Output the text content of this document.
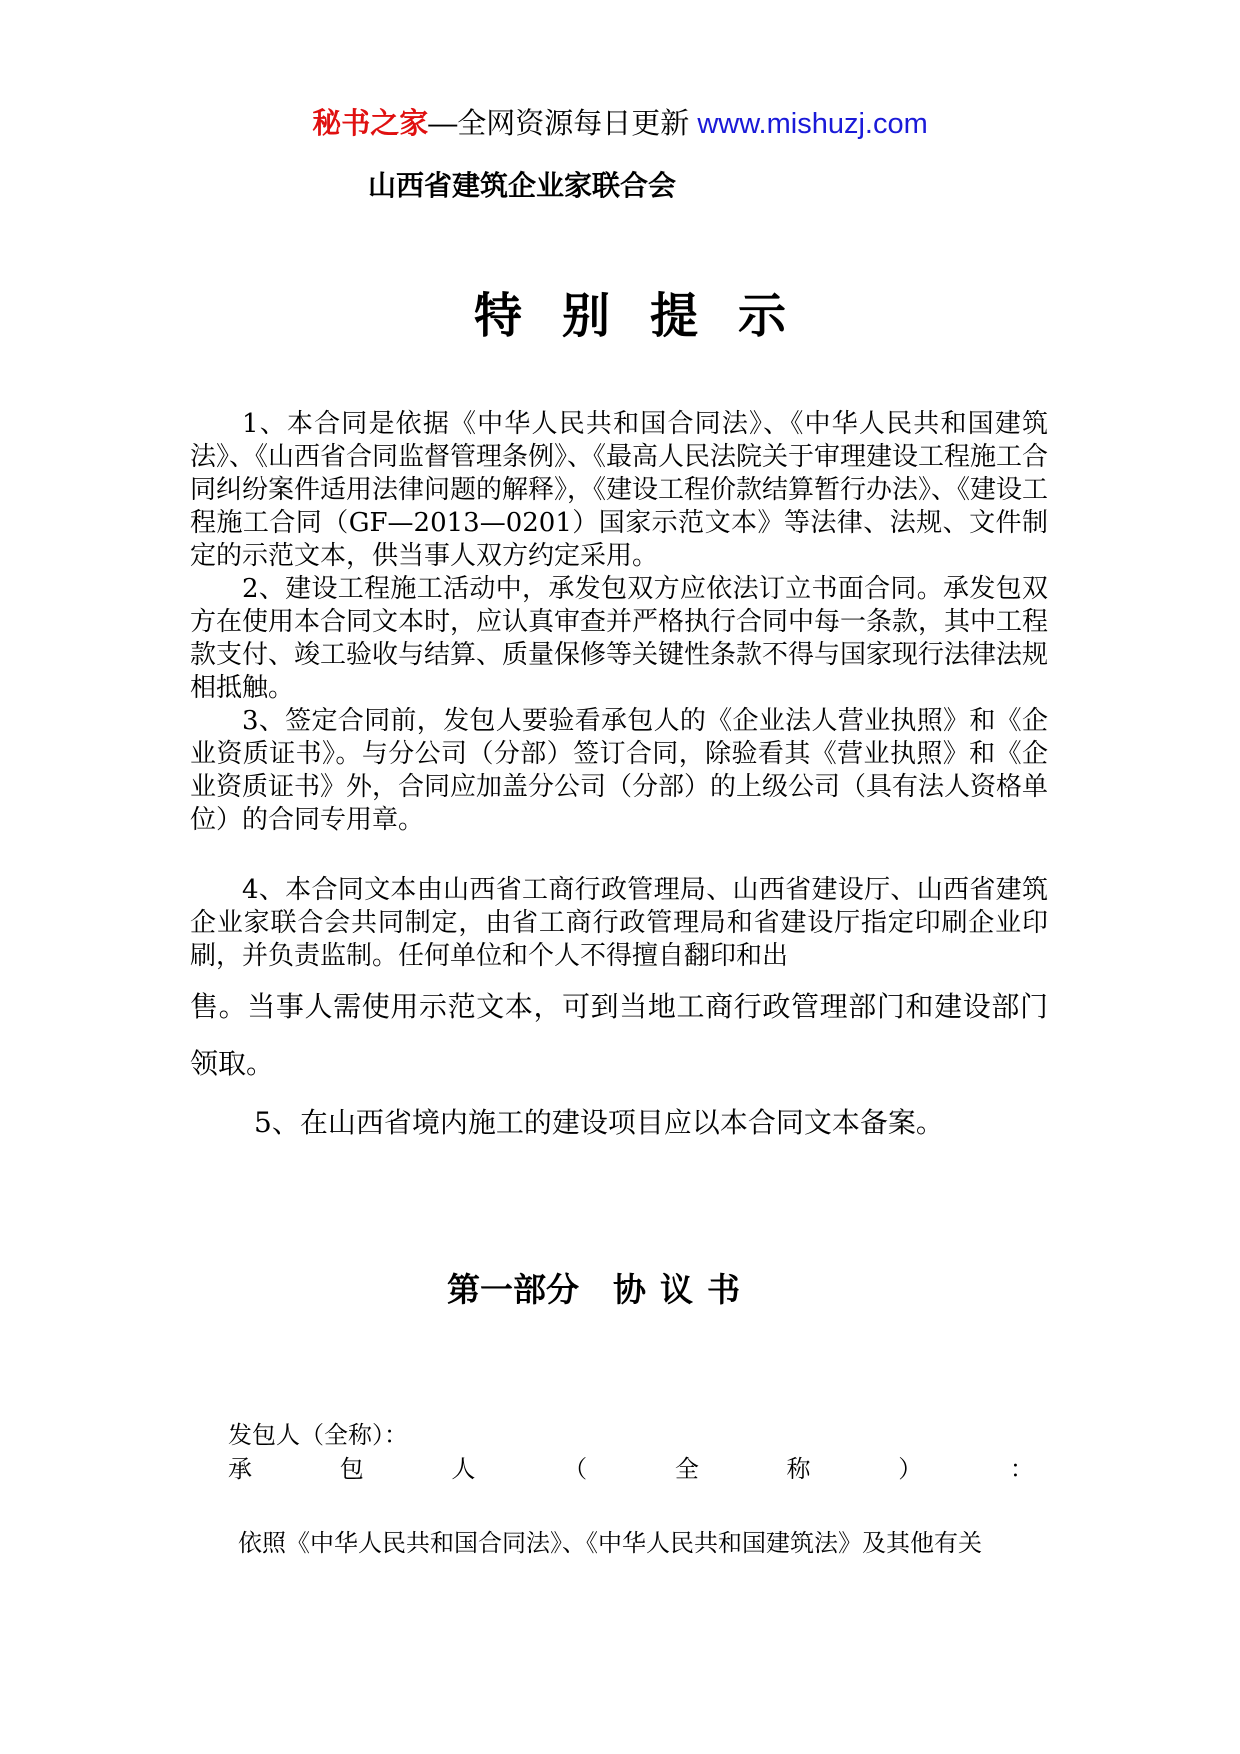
秘书之家—全网资源每日更新 www.mishuzj.com
山西省建筑企业家联合会
特别提示

1、本合同是依据《中华人民共和国合同法》、《中华人民共和国建筑法》、《山西省合同监督管理条例》、《最高人民法院关于审理建设工程施工合同纠纷案件适用法律问题的解释》，《建设工程价款结算暂行办法》、《建设工程施工合同（GF—2013—0201）国家示范文本》等法律、法规、文件制定的示范文本，供当事人双方约定采用。

2、建设工程施工活动中，承发包双方应依法订立书面合同。承发包双方在使用本合同文本时，应认真审查并严格执行合同中每一条款，其中工程款支付、竣工验收与结算、质量保修等关键性条款不得与国家现行法律法规相抵触。

3、签定合同前，发包人要验看承包人的《企业法人营业执照》和《企业资质证书》。与分公司（分部）签订合同，除验看其《营业执照》和《企业资质证书》外，合同应加盖分公司（分部）的上级公司（具有法人资格单位）的合同专用章。

4、本合同文本由山西省工商行政管理局、山西省建设厅、山西省建筑企业家联合会共同制定，由省工商行政管理局和省建设厅指定印刷企业印刷，并负责监制。任何单位和个人不得擅自翻印和出

售。当事人需使用示范文本，可到当地工商行政管理部门和建设部门领取。

5、在山西省境内施工的建设项目应以本合同文本备案。
第一部分 协议书
发包人（全称）：
承	包	人	（	全	称	）	：
依照《中华人民共和国合同法》、《中华人民共和国建筑法》及其他有关
